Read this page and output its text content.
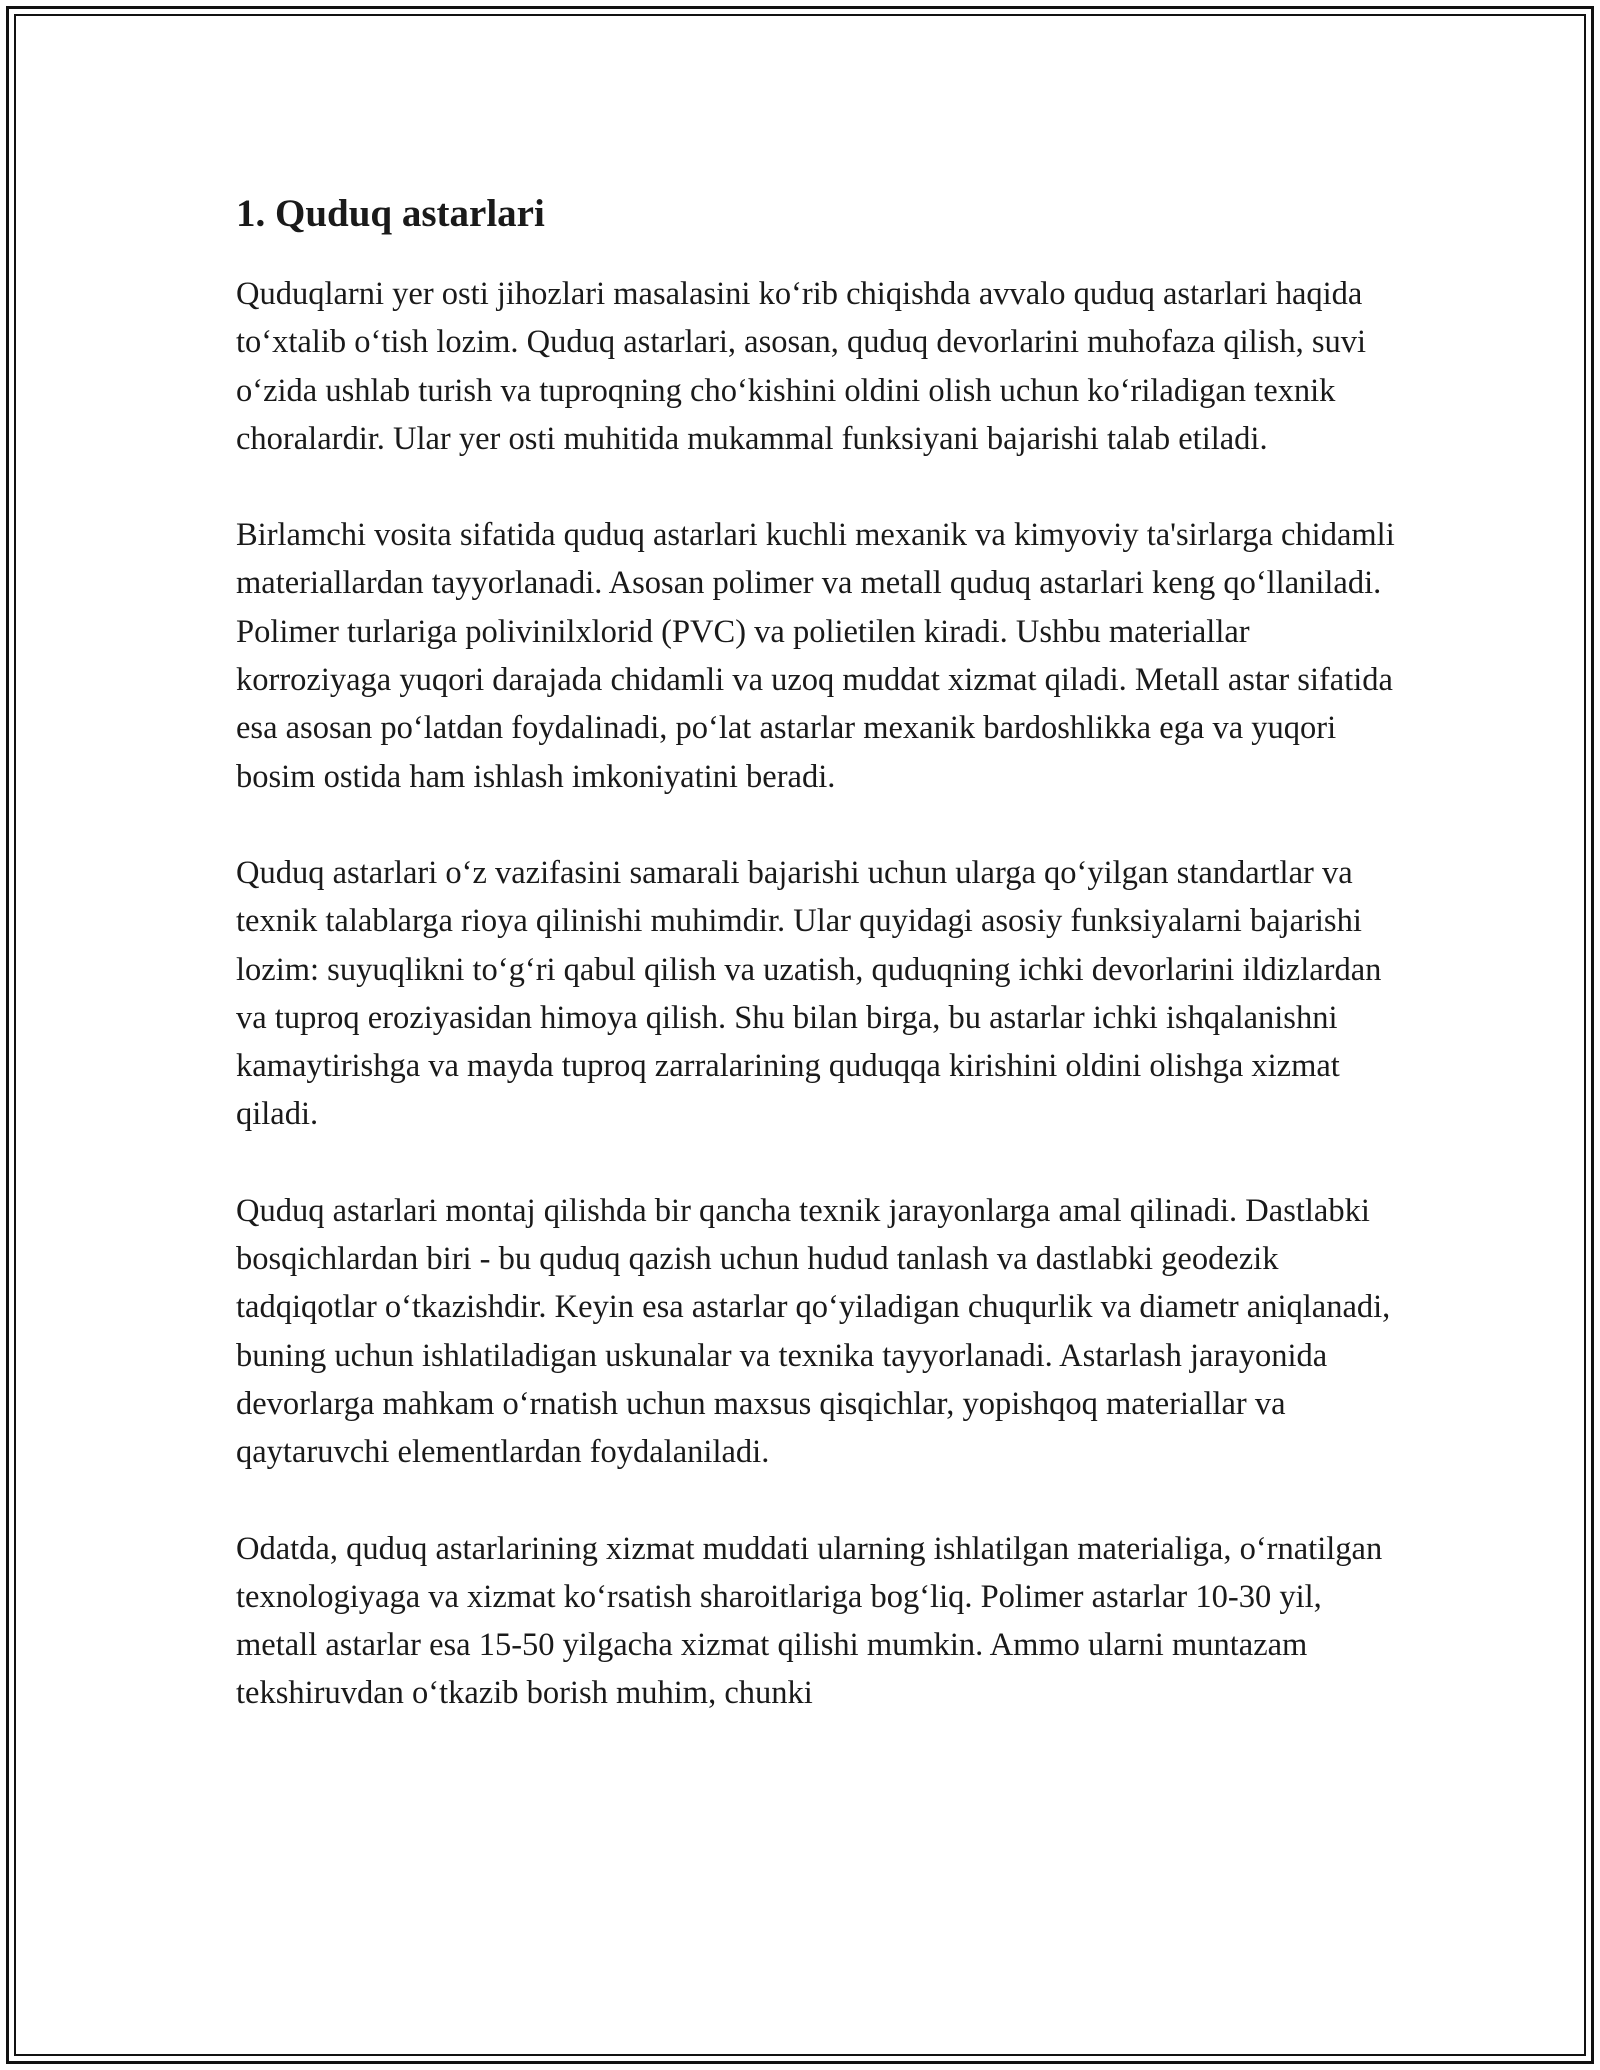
1. Quduq astarlari

Quduqlarni yer osti jihozlari masalasini ko‘rib chiqishda avvalo quduq astarlari haqida to‘xtalib o‘tish lozim. Quduq astarlari, asosan, quduq devorlarini muhofaza qilish, suvi o‘zida ushlab turish va tuproqning cho‘kishini oldini olish uchun ko‘riladigan texnik choralardir. Ular yer osti muhitida mukammal funksiyani bajarishi talab etiladi.

Birlamchi vosita sifatida quduq astarlari kuchli mexanik va kimyoviy ta'sirlarga chidamli materiallardan tayyorlanadi. Asosan polimer va metall quduq astarlari keng qo‘llaniladi. Polimer turlariga polivinilxlorid (PVC) va polietilen kiradi. Ushbu materiallar korroziyaga yuqori darajada chidamli va uzoq muddat xizmat qiladi. Metall astar sifatida esa asosan po‘latdan foydalinadi, po‘lat astarlar mexanik bardoshlikka ega va yuqori bosim ostida ham ishlash imkoniyatini beradi.

Quduq astarlari o‘z vazifasini samarali bajarishi uchun ularga qo‘yilgan standartlar va texnik talablarga rioya qilinishi muhimdir. Ular quyidagi asosiy funksiyalarni bajarishi lozim: suyuqlikni to‘g‘ri qabul qilish va uzatish, quduqning ichki devorlarini ildizlardan va tuproq eroziyasidan himoya qilish. Shu bilan birga, bu astarlar ichki ishqalanishni kamaytirishga va mayda tuproq zarralarining quduqqa kirishini oldini olishga xizmat qiladi.

Quduq astarlari montaj qilishda bir qancha texnik jarayonlarga amal qilinadi. Dastlabki bosqichlardan biri - bu quduq qazish uchun hudud tanlash va dastlabki geodezik tadqiqotlar o‘tkazishdir. Keyin esa astarlar qo‘yiladigan chuqurlik va diametr aniqlanadi, buning uchun ishlatiladigan uskunalar va texnika tayyorlanadi. Astarlash jarayonida devorlarga mahkam o‘rnatish uchun maxsus qisqichlar, yopishqoq materiallar va qaytaruvchi elementlardan foydalaniladi.

Odatda, quduq astarlarining xizmat muddati ularning ishlatilgan materialiga, o‘rnatilgan texnologiyaga va xizmat ko‘rsatish sharoitlariga bog‘liq. Polimer astarlar 10-30 yil, metall astarlar esa 15-50 yilgacha xizmat qilishi mumkin. Ammo ularni muntazam tekshiruvdan o‘tkazib borish muhim, chunki
